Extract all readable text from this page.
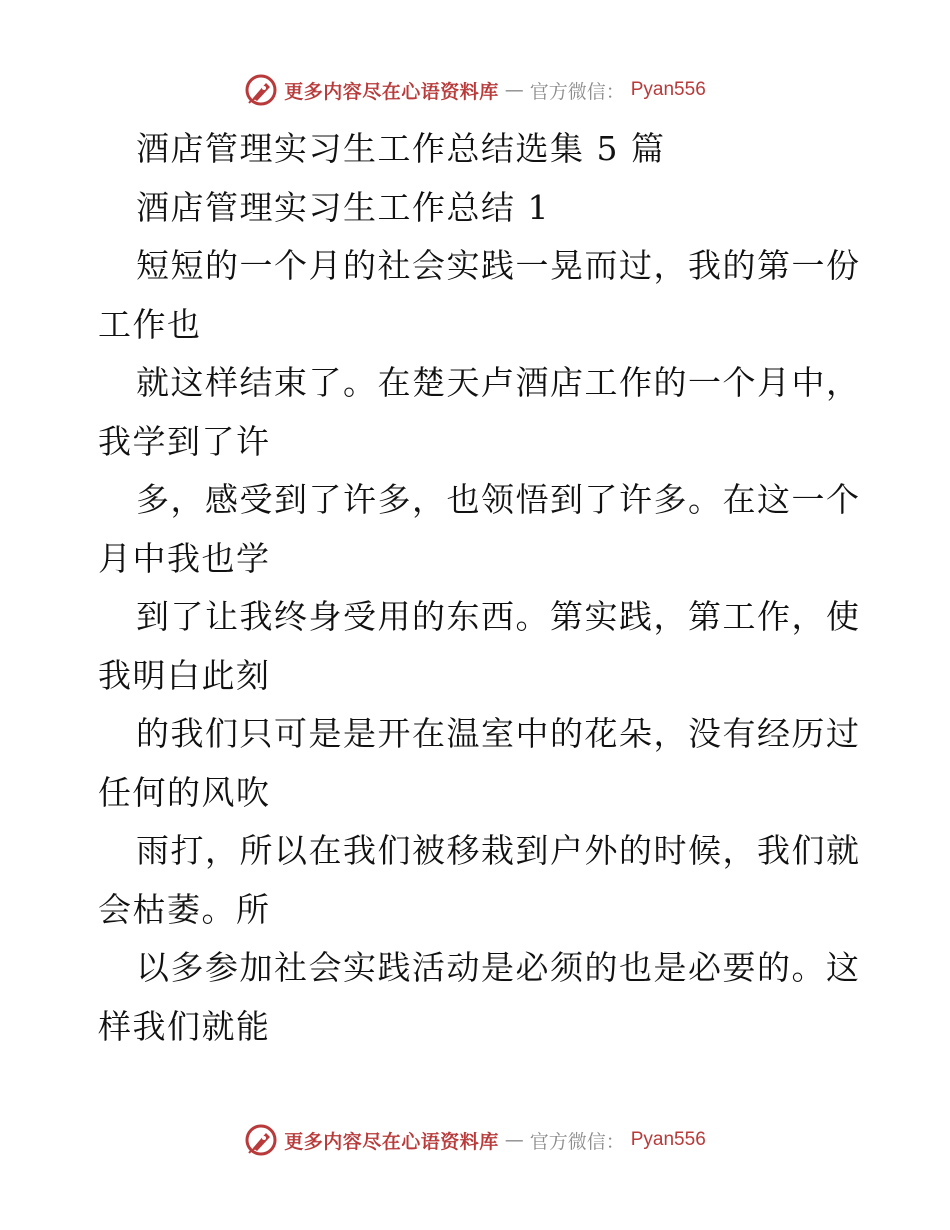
更多内容尽在心语资料库 — 官方微信： Pyan556
酒店管理实习生工作总结选集 5 篇
酒店管理实习生工作总结 1
短短的一个月的社会实践一晃而过，我的第一份
工作也
就这样结束了。在楚天卢酒店工作的一个月中，
我学到了许
多，感受到了许多，也领悟到了许多。在这一个
月中我也学
到了让我终身受用的东西。第实践，第工作，使
我明白此刻
的我们只可是是开在温室中的花朵，没有经历过
任何的风吹
雨打，所以在我们被移栽到户外的时候，我们就
会枯萎。所
以多参加社会实践活动是必须的也是必要的。这
样我们就能
更多内容尽在心语资料库 — 官方微信： Pyan556
